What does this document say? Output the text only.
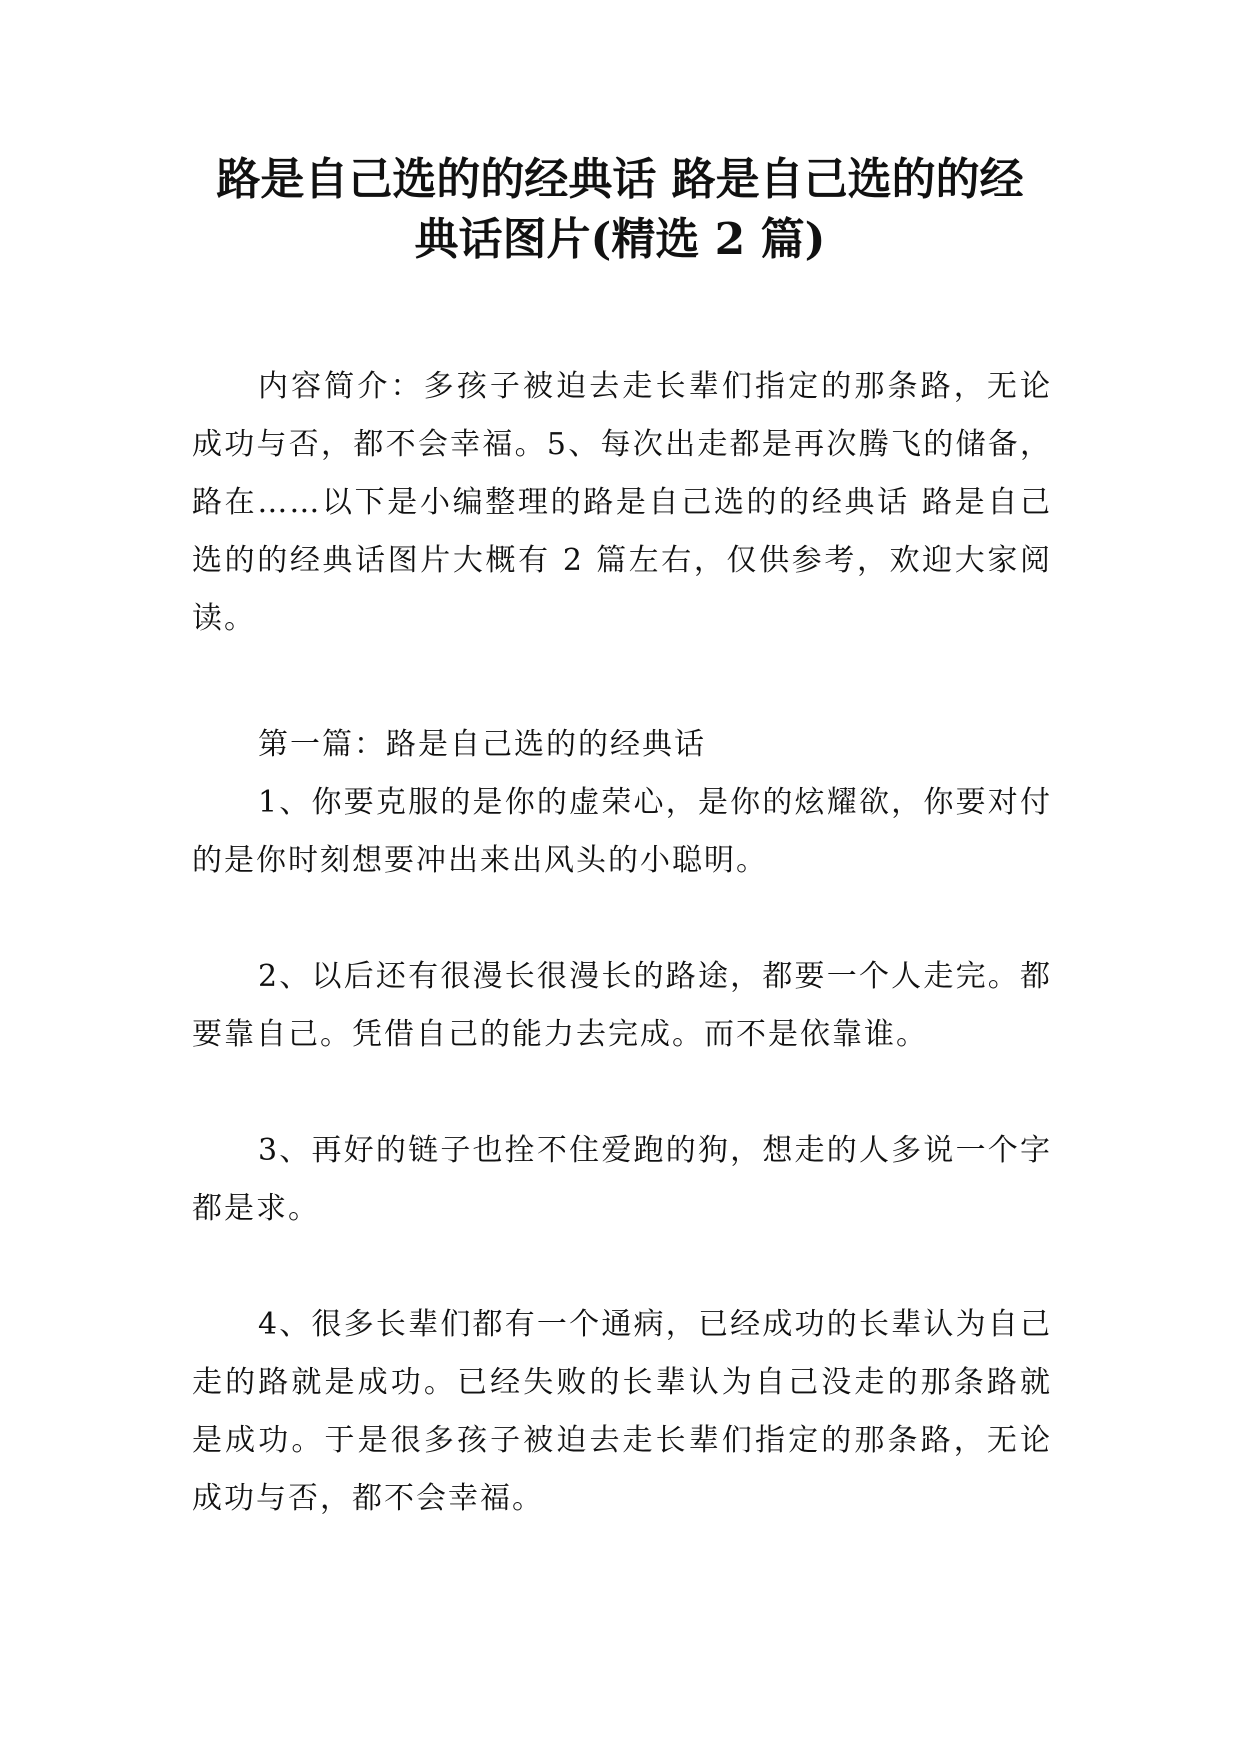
路是自己选的的经典话 路是自己选的的经
典话图片(精选 2 篇)

内容简介：多孩子被迫去走长辈们指定的那条路，无论成功与否，都不会幸福。5、每次出走都是再次腾飞的储备，路在……以下是小编整理的路是自己选的的经典话 路是自己选的的经典话图片大概有 2 篇左右，仅供参考，欢迎大家阅读。

第一篇：路是自己选的的经典话

1、你要克服的是你的虚荣心，是你的炫耀欲，你要对付的是你时刻想要冲出来出风头的小聪明。

2、以后还有很漫长很漫长的路途，都要一个人走完。都要靠自己。凭借自己的能力去完成。而不是依靠谁。

3、再好的链子也拴不住爱跑的狗，想走的人多说一个字都是求。

4、很多长辈们都有一个通病，已经成功的长辈认为自己走的路就是成功。已经失败的长辈认为自己没走的那条路就是成功。于是很多孩子被迫去走长辈们指定的那条路，无论成功与否，都不会幸福。
